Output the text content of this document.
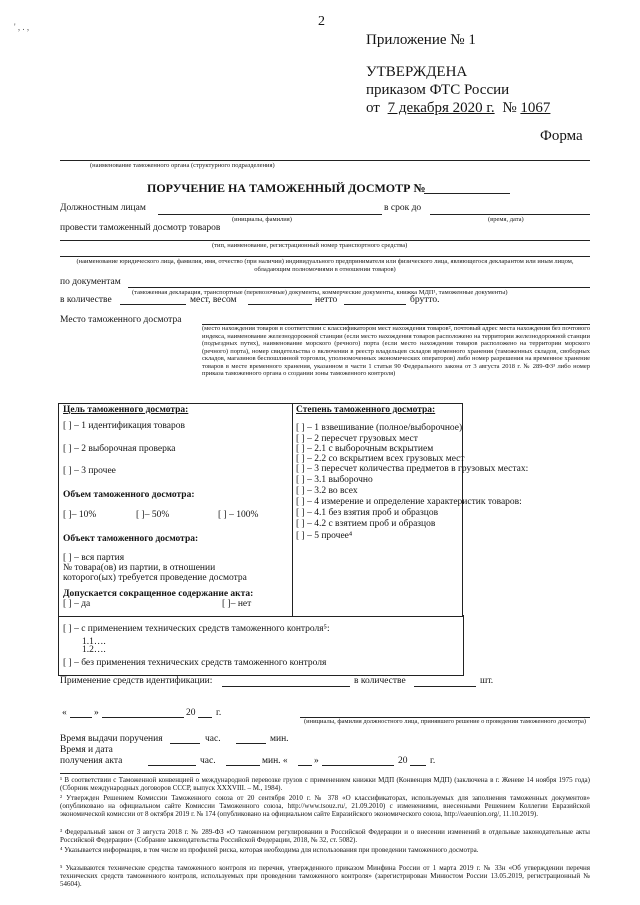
2
' , . ,
Приложение № 1
УТВЕРЖДЕНА
приказом ФТС России
от 7 декабря 2020 г. № 1067
Форма
(наименование таможенного органа (структурного подразделения)
ПОРУЧЕНИЕ НА ТАМОЖЕННЫЙ ДОСМОТР №
Должностным лицам	в срок до
(инициалы, фамилия)	(время, дата)
провести таможенный досмотр товаров
(тип, наименование, регистрационный номер транспортного средства)
(наименование юридического лица, фамилия, имя, отчество (при наличии) индивидуального предпринимателя или физического лица, являющегося декларантом или иным лицом, обладающим полномочиями в отношении товаров)
по документам
(таможенная декларация, транспортные (перевозочные) документы, коммерческие документы, книжка МДП¹, таможенные документы)
в количестве	мест, весом	нетто	брутто.
Место таможенного досмотра
(место нахождения товаров в соответствии с классификатором мест нахождения товаров², почтовый адрес места нахождения без почтового индекса, наименование железнодорожной станции (если место нахождения товаров расположено на территории железнодорожной станции (подъездных путях), наименование морского (речного) порта (если место нахождения товаров расположено на территории морского (речного) порта), номер свидетельства о включении в реестр владельцев складов временного хранения (таможенных складов, свободных складов, магазинов беспошлинной торговли, уполномоченных экономических операторов) либо номер разрешения на временное хранение товаров в месте временного хранения, указанном в части 1 статьи 90 Федерального закона от 3 августа 2018 г. № 289-ФЗ³ либо номер приказа таможенного органа о создании зоны таможенного контроля)
Цель таможенного досмотра:
[ ] – 1 идентификация товаров
[ ] – 2 выборочная проверка
[ ] – 3 прочее
Объем таможенного досмотра:
[ ]– 10%	[ ]– 50%	[ ] – 100%
Объект таможенного досмотра:
[ ] – вся партия
№ товара(ов) из партии, в отношении
которого(ых) требуется проведение досмотра
Допускается сокращенное содержание акта:
[ ] – да	[ ]– нет
Степень таможенного досмотра:
[ ] – 1 взвешивание (полное/выборочное)
[ ] – 2 пересчет грузовых мест
[ ] – 2.1 с выборочным вскрытием
[ ] – 2.2 со вскрытием всех грузовых мест
[ ] – 3 пересчет количества предметов в грузовых местах:
[ ] – 3.1 выборочно
[ ] – 3.2 во всех
[ ] – 4 измерение и определение характеристик товаров:
[ ] – 4.1 без взятия проб и образцов
[ ] – 4.2 с взятием проб и образцов
[ ] – 5 прочее⁴
[ ] – с применением технических средств таможенного контроля⁵:
1.1….
1.2….
[ ] – без применения технических средств таможенного контроля
Применение средств идентификации:	в количестве	шт.
«	»	20 г.
(инициалы, фамилия должностного лица, принявшего решение о проведении таможенного досмотра)
Время выдачи поручения	час.	мин.
Время и дата
получения акта	час.	мин. «	»	20 г.
¹ В соответствии с Таможенной конвенцией о международной перевозке грузов с применением книжки МДП (Конвенция МДП) (заключена в г. Женеве 14 ноября 1975 года) (Сборник международных договоров СССР, выпуск XXXVIII. – М., 1984).
² Утвержден Решением Комиссии Таможенного союза от 20 сентября 2010 г. № 378 «О классификаторах, используемых для заполнения таможенных документов» (опубликовано на официальном сайте Комиссии Таможенного союза, http://www.tsouz.ru/, 21.09.2010) с изменениями, внесенными Решением Коллегии Евразийской экономической комиссии от 8 октября 2019 г. № 174 (опубликовано на официальном сайте Евразийского экономического союза, http://eaeunion.org/, 11.10.2019).
³ Федеральный закон от 3 августа 2018 г. № 289-ФЗ «О таможенном регулировании в Российской Федерации и о внесении изменений в отдельные законодательные акты Российской Федерации» (Собрание законодательства Российской Федерации, 2018, № 32, ст. 5082).
⁴ Указывается информация, в том числе из профилей риска, которая необходима для использования при проведении таможенного досмотра.
⁵ Указываются технические средства таможенного контроля из перечня, утвержденного приказом Минфина России от 1 марта 2019 г. № 33н «Об утверждении перечня технических средств таможенного контроля, используемых при проведении таможенного контроля» (зарегистрирован Минюстом России 13.05.2019, регистрационный № 54604).
